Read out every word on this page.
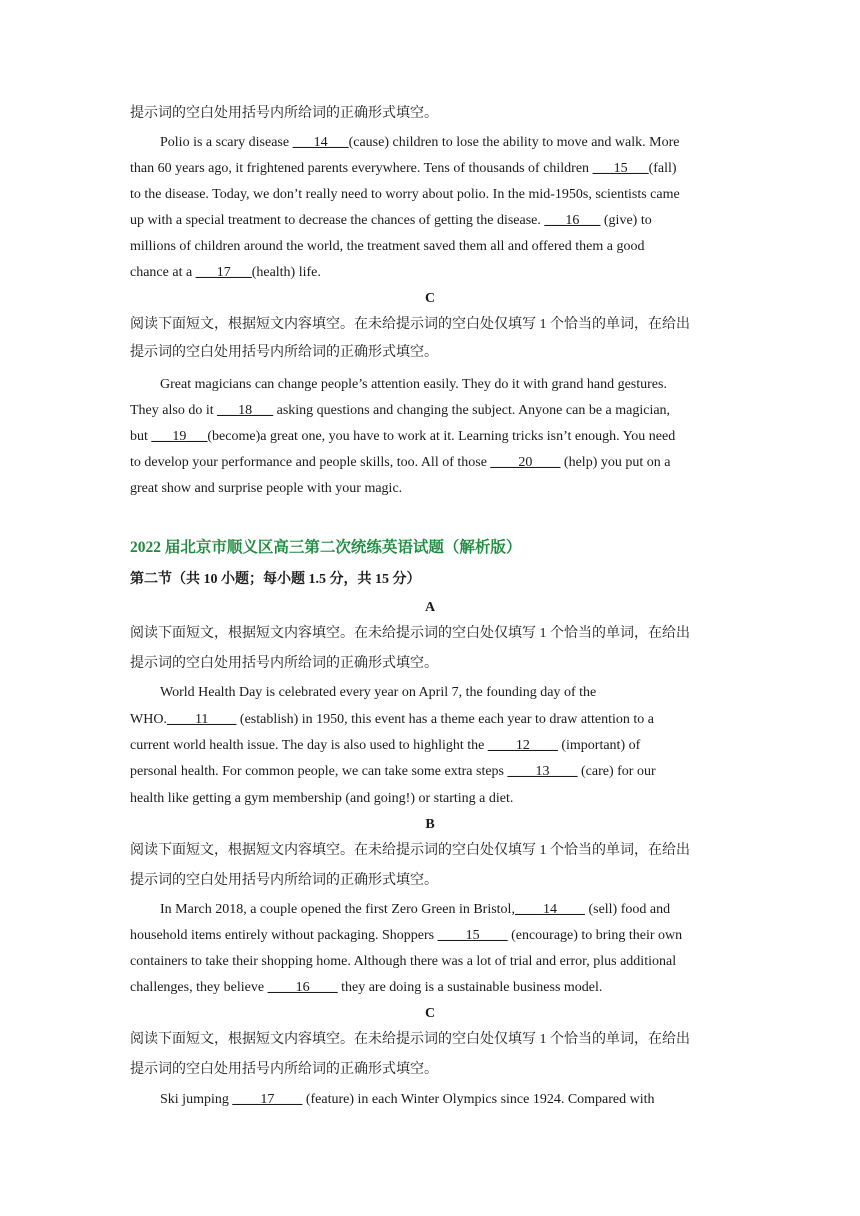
提示词的空白处用括号内所给词的正确形式填空。
Polio is a scary disease ___14___(cause) children to lose the ability to move and walk. More
than 60 years ago, it frightened parents everywhere. Tens of thousands of children ___15___(fall)
to the disease. Today, we don’t really need to worry about polio. In the mid-1950s, scientists came
up with a special treatment to decrease the chances of getting the disease. ___16___ (give) to
millions of children around the world, the treatment saved them all and offered them a good
chance at a ___17___(health) life.
C
阅读下面短文，根据短文内容填空。在未给提示词的空白处仅填写 1 个恰当的单词，在给出
提示词的空白处用括号内所给词的正确形式填空。
Great magicians can change people’s attention easily. They do it with grand hand gestures.
They also do it ___18___ asking questions and changing the subject. Anyone can be a magician,
but ___19___(become)a great one, you have to work at it. Learning tricks isn’t enough. You need
to develop your performance and people skills, too. All of those ____20____ (help) you put on a
great show and surprise people with your magic.
2022 届北京市顺义区高三第二次统练英语试题（解析版）
第二节（共 10 小题；每小题 1.5 分，共 15 分）
A
阅读下面短文，根据短文内容填空。在未给提示词的空白处仅填写 1 个恰当的单词，在给出
提示词的空白处用括号内所给词的正确形式填空。
World Health Day is celebrated every year on April 7, the founding day of the
WHO.____11____ (establish) in 1950, this event has a theme each year to draw attention to a
current world health issue. The day is also used to highlight the ____12____ (important) of
personal health. For common people, we can take some extra steps ____13____ (care) for our
health like getting a gym membership (and going!) or starting a diet.
B
阅读下面短文，根据短文内容填空。在未给提示词的空白处仅填写 1 个恰当的单词，在给出
提示词的空白处用括号内所给词的正确形式填空。
In March 2018, a couple opened the first Zero Green in Bristol,____14____ (sell) food and
household items entirely without packaging. Shoppers ____15____ (encourage) to bring their own
containers to take their shopping home. Although there was a lot of trial and error, plus additional
challenges, they believe ____16____ they are doing is a sustainable business model.
C
阅读下面短文，根据短文内容填空。在未给提示词的空白处仅填写 1 个恰当的单词，在给出
提示词的空白处用括号内所给词的正确形式填空。
Ski jumping ____17____ (feature) in each Winter Olympics since 1924. Compared with
